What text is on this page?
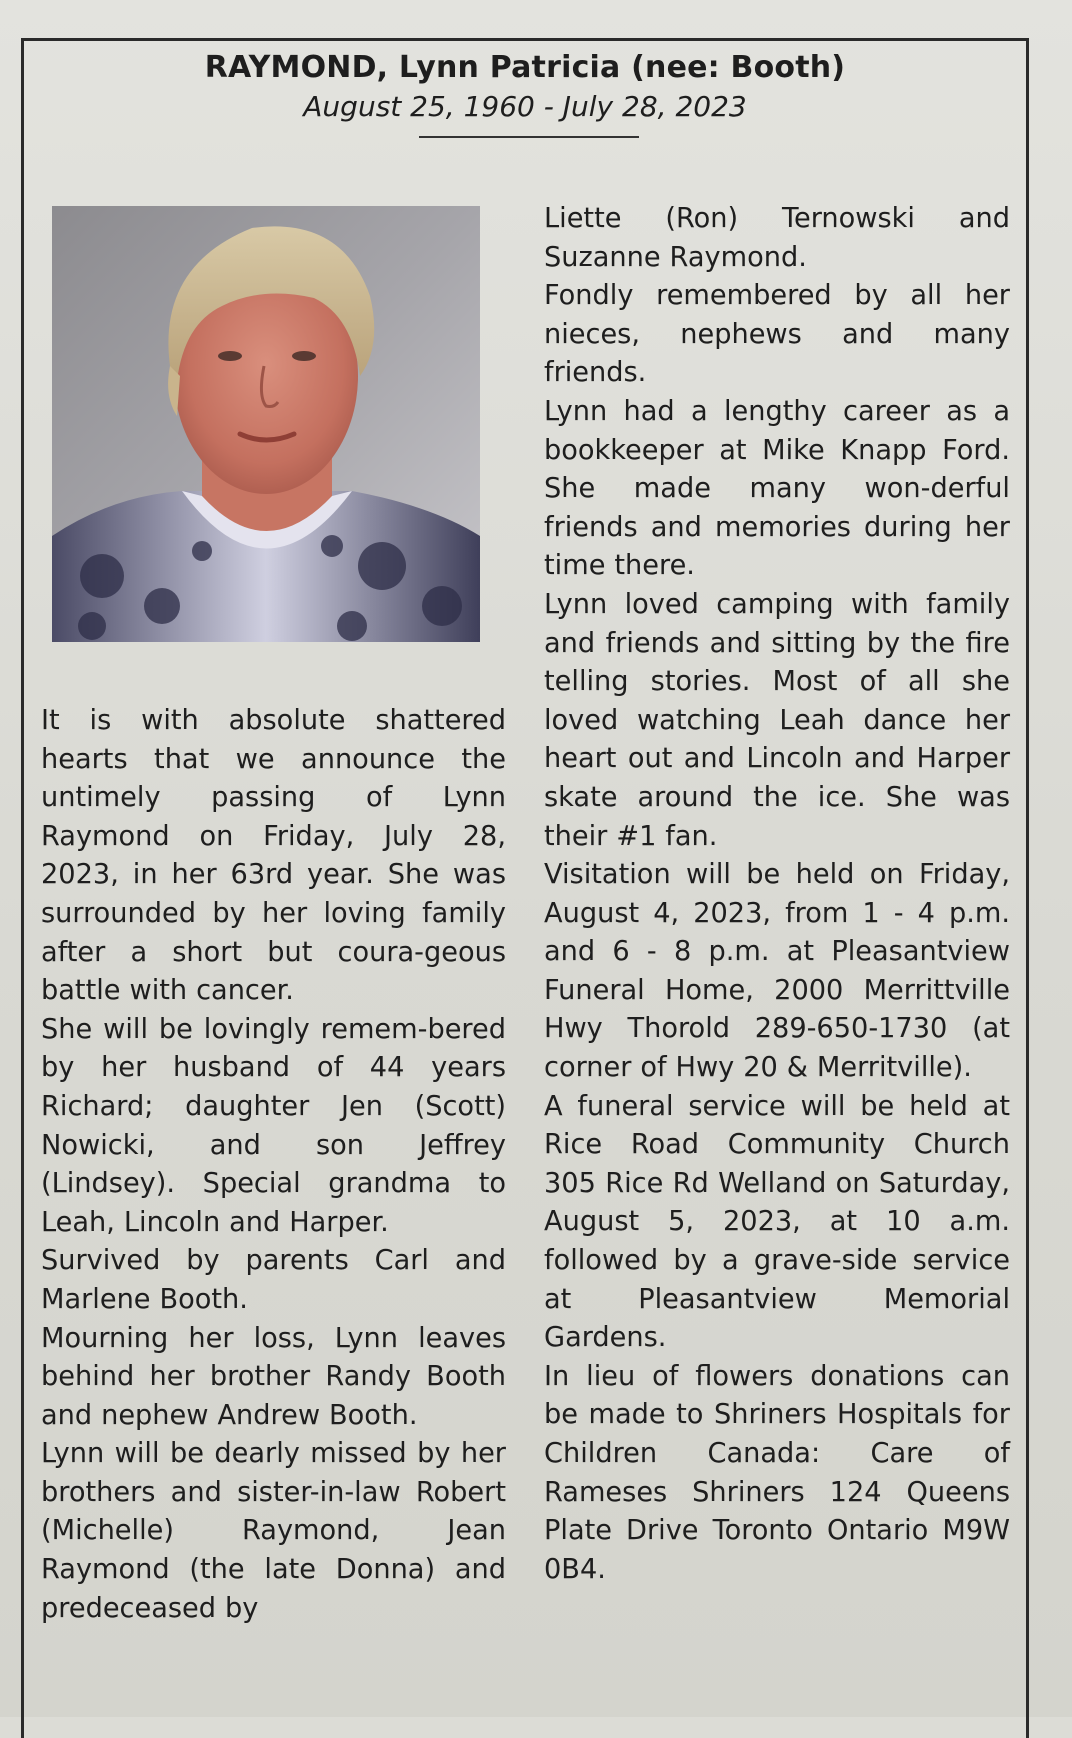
RAYMOND, Lynn Patricia (nee: Booth)
August 25, 1960 - July 28, 2023

It is with absolute shattered hearts that we announce the untimely passing of Lynn Raymond on Friday, July 28, 2023, in her 63rd year. She was surrounded by her loving family after a short but coura-geous battle with cancer.

She will be lovingly remem-bered by her husband of 44 years Richard; daughter Jen (Scott) Nowicki, and son Jeffrey (Lindsey). Special grandma to Leah, Lincoln and Harper.

Survived by parents Carl and Marlene Booth.

Mourning her loss, Lynn leaves behind her brother Randy Booth and nephew Andrew Booth.

Lynn will be dearly missed by her brothers and sister-in-law Robert (Michelle) Raymond, Jean Raymond (the late Donna) and predeceased by

Liette (Ron) Ternowski and Suzanne Raymond.

Fondly remembered by all her nieces, nephews and many friends.

Lynn had a lengthy career as a bookkeeper at Mike Knapp Ford. She made many won-derful friends and memories during her time there.

Lynn loved camping with family and friends and sitting by the fire telling stories. Most of all she loved watching Leah dance her heart out and Lincoln and Harper skate around the ice. She was their #1 fan.

Visitation will be held on Friday, August 4, 2023, from 1 - 4 p.m. and 6 - 8 p.m. at Pleasantview Funeral Home, 2000 Merrittville Hwy Thorold 289-650-1730 (at corner of Hwy 20 & Merritville).

A funeral service will be held at Rice Road Community Church 305 Rice Rd Welland on Saturday, August 5, 2023, at 10 a.m. followed by a grave-side service at Pleasantview Memorial Gardens.

In lieu of flowers donations can be made to Shriners Hospitals for Children Canada: Care of Rameses Shriners 124 Queens Plate Drive Toronto Ontario M9W 0B4.
